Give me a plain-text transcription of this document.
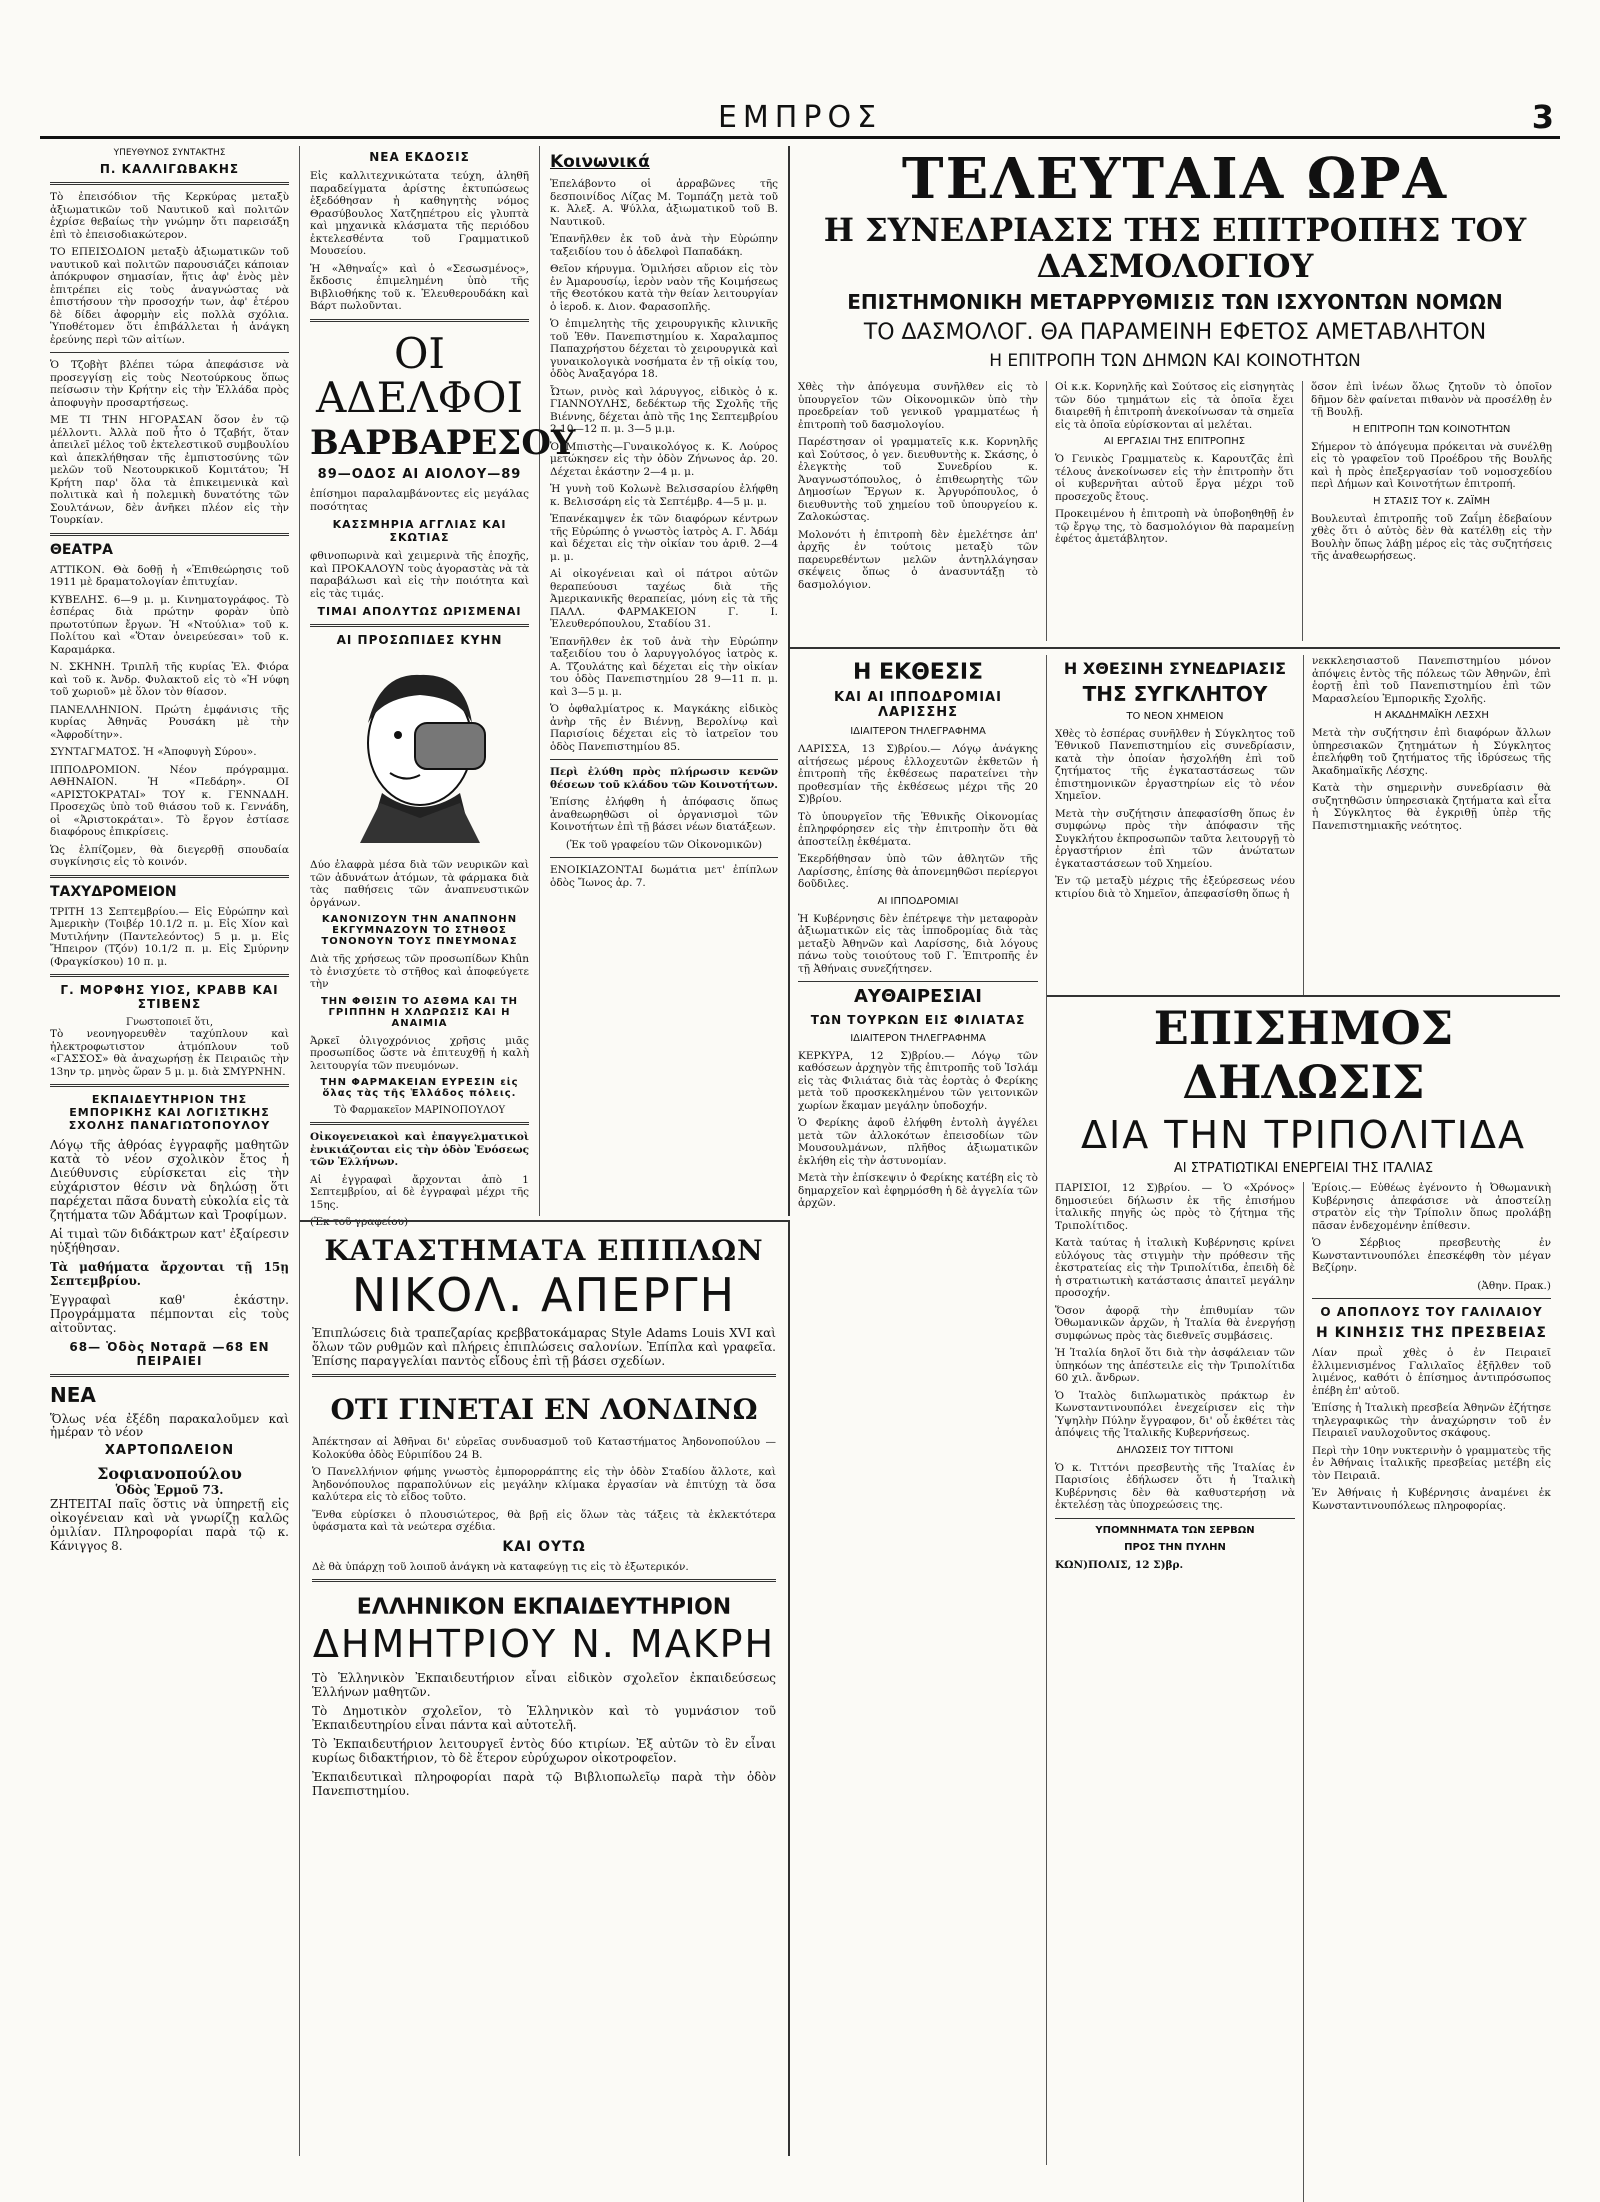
ΕΜΠΡΟΣ	3
ΥΠΕΥΘΥΝΟΣ ΣΥΝΤΑΚΤΗΣ
Π. ΚΑΛΛΙΓΩΒΑΚΗΣ

Τὸ ἐπεισόδιον τῆς Κερκύρας μεταξὺ ἀξιωματικῶν τοῦ Ναυτικοῦ καὶ πολιτῶν ἐχρίσε θεβαίως τὴν γνώμην ὅτι παρεισάξη ἐπὶ τὸ ἐπεισοδιακώτερον.

ΤΟ ΕΠΕΙΣΟΔΙΟΝ μεταξὺ ἀξιωματικῶν τοῦ ναυτικοῦ καὶ πολιτῶν παρουσιάζει κάποιαν ἀπόκρυφον σημασίαν, ἥτις ἀφ' ἑνὸς μὲν ἐπιτρέπει εἰς τοὺς ἀναγνώστας νὰ ἐπιστήσουν τὴν προσοχήν των, ἀφ' ἑτέρου δὲ δίδει ἀφορμὴν εἰς πολλὰ σχόλια. Ὑποθέτομεν ὅτι ἐπιβάλλεται ἡ ἀνάγκη ἐρεύνης περὶ τῶν αἰτίων.

Ὁ Τζοβὴτ βλέπει τώρα ἀπεφάσισε νὰ προσεγγίσῃ εἰς τοὺς Νεοτούρκους ὅπως πείσωσιν τὴν Κρήτην εἰς τὴν Ἑλλάδα πρὸς ἀποφυγὴν προσαρτήσεως.

ΜΕ ΤΙ ΤΗΝ ΗΓΟΡΑΣΑΝ ὅσον ἐν τῷ μέλλοντι. Ἀλλὰ ποῦ ἦτο ὁ Τζαβήτ, ὅταν ἀπειλεῖ μέλος τοῦ ἐκτελεστικοῦ συμβουλίου καὶ ἀπεκλήθησαν τῆς ἐμπιστοσύνης τῶν μελῶν τοῦ Νεοτουρκικοῦ Κομιτάτου; Ἡ Κρήτη παρ' ὅλα τὰ ἐπικειμενικὰ καὶ πολιτικὰ καὶ ἡ πολεμικὴ δυνατότης τῶν Σουλτάνων, δὲν ἀνῆκει πλέον εἰς τὴν Τουρκίαν.

ΘΕΑΤΡΑ

ΑΤΤΙΚΟΝ. Θὰ δοθῇ ἡ «Ἐπιθεώρησις τοῦ 1911 μὲ δραματολογίαν ἐπιτυχίαν.

ΚΥΒΕΛΗΣ. 6—9 μ. μ. Κινηματογράφος. Τὸ ἑσπέρας διὰ πρώτην φορὰν ὑπὸ πρωτοτύπων ἔργων. Ἡ «Ντούλια» τοῦ κ. Πολίτου καὶ «Ὅταν ὀνειρεύεσαι» τοῦ κ. Καραμάρκα.

Ν. ΣΚΗΝΗ. Τριπλῆ τῆς κυρίας Ἐλ. Φιόρα καὶ τοῦ κ. Ἀνδρ. Φυλακτοῦ εἰς τὸ «Ἡ νύφη τοῦ χωριοῦ» μὲ ὅλον τὸν θίασον.

ΠΑΝΕΛΛΗΝΙΟΝ. Πρώτη ἐμφάνισις τῆς κυρίας Ἀθηνᾶς Ρουσάκη μὲ τὴν «Ἀφροδίτην».

ΣΥΝΤΑΓΜΑΤΟΣ. Ἡ «Ἀποφυγὴ Σύρου».

ΙΠΠΟΔΡΟΜΙΟΝ. Νέον πρόγραμμα. ΑΘΗΝΑΙΟΝ. Ἡ «Πεδάρη». ΟΙ «ΑΡΙΣΤΟΚΡΑΤΑΙ» ΤΟΥ κ. ΓΕΝΝΑΔΗ. Προσεχῶς ὑπὸ τοῦ θιάσου τοῦ κ. Γεννάδη, οἱ «Ἀριστοκράται». Τὸ ἔργον ἐστίασε διαφόρους ἐπικρίσεις.

Ὡς ἐλπίζομεν, θὰ διεγερθῇ σπουδαία συγκίνησις εἰς τὸ κοινόν.

ΤΑΧΥΔΡΟΜΕΙΟΝ

ΤΡΙΤΗ 13 Σεπτεμβρίου.— Εἰς Εὐρώπην καὶ Ἀμερικὴν (Τοιβέρ 10.1/2 π. μ. Εἰς Χίον καὶ Μυτιλήνην (Παντελεόντος) 5 μ. μ. Εἰς Ἤπειρον (Τζόν) 10.1/2 π. μ. Εἰς Σμύρνην (Φραγκίσκου) 10 π. μ.

Γ. ΜΟΡΦΗΣ ΥΙΟΣ, ΚΡΑΒΒ ΚΑΙ ΣΤΙΒΕΝΣ
Γνωστοποιεῖ ὅτι,

Τὸ νεονηγορευθὲν ταχύπλουν καὶ ἠλεκτροφωτιστον ἀτμόπλουν τοῦ «ΓΑΣΣΟΣ» θὰ ἀναχωρήσῃ ἐκ Πειραιῶς τὴν 13ην τρ. μηνὸς ὥραν 5 μ. μ. διὰ ΣΜΥΡΝΗΝ.

ΕΚΠΑΙΔΕΥΤΗΡΙΟΝ ΤΗΣ ΕΜΠΟΡΙΚΗΣ ΚΑΙ ΛΟΓΙΣΤΙΚΗΣ ΣΧΟΛΗΣ ΠΑΝΑΓΙΩΤΟΠΟΥΛΟΥ

Λόγῳ τῆς ἀθρόας ἐγγραφῆς μαθητῶν κατὰ τὸ νέον σχολικὸν ἔτος ἡ Διεύθυνσις εὑρίσκεται εἰς τὴν εὐχάριστον θέσιν νὰ δηλώσῃ ὅτι παρέχεται πᾶσα δυνατὴ εὐκολία εἰς τὰ ζητήματα τῶν Ἀδάμτων καὶ Τροφίμων.

Αἱ τιμαὶ τῶν διδάκτρων κατ' ἐξαίρεσιν ηὐξήθησαν.

Τὰ μαθήματα ἄρχονται τῇ 15ῃ Σεπτεμβρίου.

Ἐγγραφαὶ καθ' ἑκάστην. Προγράμματα πέμπονται εἰς τοὺς αἰτοῦντας.

68— Ὁδὸς Νοταρᾶ —68 ΕΝ ΠΕΙΡΑΙΕΙ
ΝΕΑ

Ὅλως νέα ἐξέδη παρακαλοῦμεν καὶ ἠμέραν τὸ νέον

ΧΑΡΤΟΠΩΛΕΙΟΝ
Σοφιανοπούλου
Ὁδὸς Ἑρμοῦ 73.

ΖΗΤΕΙΤΑΙ παῖς ὅστις νὰ ὑπηρετῇ εἰς οἰκογένειαν καὶ νὰ γνωρίζῃ καλῶς ὁμιλίαν. Πληροφορίαι παρὰ τῷ κ. Κάνιγγος 8.

ΝΕΑ ΕΚΔΟΣΙΣ

Εἰς καλλιτεχνικώτατα τεύχη, ἀληθῆ παραδείγματα ἀρίστης ἐκτυπώσεως ἐξεδόθησαν ἡ καθηγητὴς νόμος Θρασύβουλος Χατζηπέτρου εἰς γλυπτὰ καὶ μηχανικὰ κλάσματα τῆς περιόδου ἐκτελεσθέντα τοῦ Γραμματικοῦ Μουσείου.

Ἡ «Ἀθηναΐς» καὶ ὁ «Σεσωσμένος», ἔκδοσις ἐπιμελημένη ὑπὸ τῆς Βιβλιοθήκης τοῦ κ. Ἐλευθερουδάκη καὶ Βάρτ πωλοῦνται.

ΟΙ ΑΔΕΛΦΟΙ
ΒΑΡΒΑΡΕΣΟΥ
89—ΟΔΟΣ ΑΙ ΑΙΟΛΟΥ—89

ἐπίσημοι παραλαμβάνοντες εἰς μεγάλας ποσότητας

ΚΑΣΣΜΗΡΙΑ ΑΓΓΛΙΑΣ ΚΑΙ ΣΚΩΤΙΑΣ

φθινοπωρινὰ καὶ χειμερινὰ τῆς ἐποχῆς, καὶ ΠΡΟΚΑΛΟΥΝ τοὺς ἀγοραστὰς νὰ τὰ παραβάλωσι καὶ εἰς τὴν ποιότητα καὶ εἰς τὰς τιμάς.

ΤΙΜΑΙ ΑΠΟΛΥΤΩΣ ΩΡΙΣΜΕΝΑΙ
ΑΙ ΠΡΟΣΩΠΙΔΕΣ ΚΥΗΝ

Δύο ἐλαφρὰ μέσα διὰ τῶν νευρικῶν καὶ τῶν ἀδυνάτων ἀτόμων, τὰ φάρμακα διὰ τὰς παθήσεις τῶν ἀναπνευστικῶν ὀργάνων.

ΚΑΝΟΝΙΖΟΥΝ ΤΗΝ ΑΝΑΠΝΟΗΝ ΕΚΓΥΜΝΑΖΟΥΝ ΤΟ ΣΤΗΘΟΣ ΤΟΝΟΝΟΥΝ ΤΟΥΣ ΠΝΕΥΜΟΝΑΣ

Διὰ τῆς χρήσεως τῶν προσωπίδων Khûn τὸ ἐνισχύετε τὸ στῆθος καὶ ἀποφεύγετε τὴν

ΤΗΝ ΦΘΙΣΙΝ ΤΟ ΑΣΘΜΑ ΚΑΙ ΤΗ ΓΡΙΠΠΗΝ Η ΧΛΩΡΩΣΙΣ ΚΑΙ Η ΑΝΑΙΜΙΑ

Ἀρκεῖ ὀλιγοχρόνιος χρῆσις μιᾶς προσωπίδος ὥστε νὰ ἐπιτευχθῇ ἡ καλὴ λειτουργία τῶν πνευμόνων.

ΤΗΝ ΦΑΡΜΑΚΕΙΑΝ ΕΥΡΕΣΙΝ εἰς ὅλας τὰς τῆς Ἑλλάδος πόλεις.
Τὸ Φαρμακεῖον ΜΑΡΙΝΟΠΟΥΛΟΥ

Οἰκογενειακοὶ καὶ ἐπαγγελματικοὶ ἐνικιάζονται εἰς τὴν ὁδὸν Ἐνόσεως τῶν Ἑλλήνων.

Αἱ ἐγγραφαὶ ἄρχονται ἀπὸ 1 Σεπτεμβρίου, αἱ δὲ ἐγγραφαὶ μέχρι τῆς 15ης.

(Ἐκ τοῦ γραφείου)

Κοινωνικά

Ἐπελάβοντο οἱ ἀρραβῶνες τῆς δεσποινίδος Λίζας Μ. Τομπάζη μετὰ τοῦ κ. Ἀλεξ. Α. Ψύλλα, ἀξιωματικοῦ τοῦ Β. Ναυτικοῦ.

Ἐπανῆλθεν ἐκ τοῦ ἀνὰ τὴν Εὐρώπην ταξειδίου του ὁ ἀδελφοὶ Παπαδάκη.

Θεῖον κήρυγμα. Ὁμιλήσει αὔριον εἰς τὸν ἐν Ἀμαρουσίῳ, ἱερὸν ναὸν τῆς Κοιμήσεως τῆς Θεοτόκου κατὰ τὴν θείαν λειτουργίαν ὁ ἱεροδ. κ. Διον. Φαρασοπλῆς.

Ὁ ἐπιμελητὴς τῆς χειρουργικῆς κλινικῆς τοῦ Ἐθν. Πανεπιστημίου κ. Χαραλαμπος Παπαχρήστου δέχεται τὸ χειρουργικὰ καὶ γυναικολογικὰ νοσήματα ἐν τῇ οἰκίᾳ του, ὁδὸς Ἀναξαγόρα 18.

Ὦτων, ρινὸς καὶ λάρυγγος, εἰδικὸς ὁ κ. ΓΙΑΝΝΟΥΛΗΣ, δεδέκτωρ τῆς Σχολῆς τῆς Βιέννης, δέχεται ἀπὸ τῆς 1ης Σεπτεμβρίου 2 10—12 π. μ. 3—5 μ.μ.

Ὁ Μπιστὴς—Γυναικολόγος κ. Κ. Λούρος μετώκησεν εἰς τὴν ὁδὸν Ζήνωνος ἀρ. 20. Δέχεται ἑκάστην 2—4 μ. μ.

Ἡ γυνὴ τοῦ Κολωνὲ Βελισσαρίου ἐλήφθη κ. Βελισσάρη εἰς τὰ Σεπτέμβρ. 4—5 μ. μ.

Ἐπανέκαμψεν ἐκ τῶν διαφόρων κέντρων τῆς Εὐρώπης ὁ γνωστὸς ἰατρὸς Α. Γ. Ἀδάμ καὶ δέχεται εἰς τὴν οἰκίαν του ἀριθ. 2—4 μ. μ.

Αἱ οἰκογένειαι καὶ οἱ πάτροι αὐτῶν θεραπεύουσι ταχέως διὰ τῆς Ἀμερικανικῆς θεραπείας, μόνη εἰς τὰ τῆς ΠΑΛΛ. ΦΑΡΜΑΚΕΙΟΝ Γ. Ι. Ἐλευθερόπουλου, Σταδίου 31.

Ἐπανῆλθεν ἐκ τοῦ ἀνὰ τὴν Εὐρώπην ταξειδίου του ὁ λαρυγγολόγος ἰατρὸς κ. Α. Τζουλάτης καὶ δέχεται εἰς τὴν οἰκίαν του ὁδὸς Πανεπιστημίου 28 9—11 π. μ. καὶ 3—5 μ. μ.

Ὁ ὀφθαλμίατρος κ. Μαγκάκης εἰδικὸς ἀνὴρ τῆς ἐν Βιέννῃ, Βερολίνῳ καὶ Παρισίοις δέχεται εἰς τὸ ἰατρεῖον του ὁδὸς Πανεπιστημίου 85.

Περὶ ἐλύθη πρὸς πλήρωσιν κενῶν θέσεων τοῦ κλάδου τῶν Κοινοτήτων.

Ἐπίσης ἐλήφθη ἡ ἀπόφασις ὅπως ἀναθεωρηθῶσι οἱ ὀργανισμοὶ τῶν Κοινοτήτων ἐπὶ τῇ βάσει νέων διατάξεων.

(Ἐκ τοῦ γραφείου τῶν Οἰκονομικῶν)

ΕΝΟΙΚΙΑΖΟΝΤΑΙ δωμάτια μετ' ἐπίπλων ὁδὸς Ἴωνος ἀρ. 7.

ΚΑΤΑΣΤΗΜΑΤΑ ΕΠΙΠΛΩΝ
ΝΙΚΟΛ. ΑΠΕΡΓΗ

Ἐπιπλώσεις διὰ τραπεζαρίας κρεββατοκάμαρας Style Adams Louis XVI καὶ ὅλων τῶν ρυθμῶν καὶ πλήρεις ἐπιπλώσεις σαλονίων. Ἐπίπλα καὶ γραφεῖα. Ἐπίσης παραγγελίαι παντὸς εἴδους ἐπὶ τῇ βάσει σχεδίων.

ΟΤΙ ΓΙΝΕΤΑΙ ΕΝ ΛΟΝΔΙΝΩ

Ἀπέκτησαν αἱ Ἀθῆναι δι' εὐρεῖας συνδυασμοῦ τοῦ Καταστήματος Ἀηδονοπούλου — Κολοκύθα ὁδὸς Εὐριπίδου 24 Β.

Ὁ Πανελλήνιον φήμης γνωστὸς ἐμπορορράπτης εἰς τὴν ὁδὸν Σταδίου ἄλλοτε, καὶ Ἀηδονόπουλος παραπολύνων εἰς μεγάλην κλίμακα ἐργασίαν νὰ ἐπιτύχῃ τὰ ὅσα καλύτερα εἰς τὸ εἶδος τοῦτο.

Ἔνθα εὑρίσκει ὁ πλουσιώτερος, θὰ βρῇ εἰς ὅλων τὰς τάξεις τὰ ἐκλεκτότερα ὑφάσματα καὶ τὰ νεώτερα σχέδια.

ΚΑΙ ΟΥΤΩ

Δὲ θὰ ὑπάρχῃ τοῦ λοιποῦ ἀνάγκη νὰ καταφεύγῃ τις εἰς τὸ ἐξωτερικόν.

ΕΛΛΗΝΙΚΟΝ ΕΚΠΑΙΔΕΥΤΗΡΙΟΝ
ΔΗΜΗΤΡΙΟΥ Ν. ΜΑΚΡΗ

Τὸ Ἑλληνικὸν Ἐκπαιδευτήριον εἶναι εἰδικὸν σχολεῖον ἐκπαιδεύσεως Ἑλλήνων μαθητῶν.

Τὸ Δημοτικὸν σχολεῖον, τὸ Ἑλληνικὸν καὶ τὸ γυμνάσιον τοῦ Ἐκπαιδευτηρίου εἶναι πάντα καὶ αὐτοτελῆ.

Τὸ Ἐκπαιδευτήριον λειτουργεῖ ἐντὸς δύο κτιρίων. Ἐξ αὐτῶν τὸ ἓν εἶναι κυρίως διδακτήριον, τὸ δὲ ἕτερον εὐρύχωρον οἰκοτροφεῖον.

Ἐκπαιδευτικαὶ πληροφορίαι παρὰ τῷ Βιβλιοπωλεῖῳ παρὰ τὴν ὁδὸν Πανεπιστημίου.

ΤΕΛΕΥΤΑΙΑ ΩΡΑ
Η ΣΥΝΕΔΡΙΑΣΙΣ ΤΗΣ ΕΠΙΤΡΟΠΗΣ ΤΟΥ ΔΑΣΜΟΛΟΓΙΟΥ
ΕΠΙΣΤΗΜΟΝΙΚΗ ΜΕΤΑΡΡΥΘΜΙΣΙΣ ΤΩΝ ΙΣΧΥΟΝΤΩΝ ΝΟΜΩΝ
ΤΟ ΔΑΣΜΟΛΟΓ. ΘΑ ΠΑΡΑΜΕΙΝΗ ΕΦΕΤΟΣ ΑΜΕΤΑΒΛΗΤΟΝ
Η ΕΠΙΤΡΟΠΗ ΤΩΝ ΔΗΜΩΝ ΚΑΙ ΚΟΙΝΟΤΗΤΩΝ

Χθὲς τὴν ἀπόγευμα συνῆλθεν εἰς τὸ ὑπουργεῖον τῶν Οἰκονομικῶν ὑπὸ τὴν προεδρείαν τοῦ γενικοῦ γραμματέως ἡ ἐπιτροπὴ τοῦ δασμολογίου.

Παρέστησαν οἱ γραμματεῖς κ.κ. Κορνηλῆς καὶ Σούτσος, ὁ γεν. διευθυντὴς κ. Σκάσης, ὁ ἐλεγκτὴς τοῦ Συνεδρίου κ. Ἀναγνωστόπουλος, ὁ ἐπιθεωρητὴς τῶν Δημοσίων Ἔργων κ. Ἀργυρόπουλος, ὁ διευθυντὴς τοῦ χημείου τοῦ ὑπουργείου κ. Ζαλοκώστας.

Μολονότι ἡ ἐπιτροπὴ δὲν ἐμελέτησε ἀπ' ἀρχῆς ἐν τούτοις μεταξὺ τῶν παρευρεθέντων μελῶν ἀντηλλάγησαν σκέψεις ὅπως ὁ ἀνασυντάξῃ τὸ δασμολόγιον.

Οἱ κ.κ. Κορνηλῆς καὶ Σούτσος εἰς εἰσηγητὰς τῶν δύο τμημάτων εἰς τὰ ὁποῖα ἔχει διαιρεθῆ ἡ ἐπιτροπὴ ἀνεκοίνωσαν τὰ σημεῖα εἰς τὰ ὁποῖα εὑρίσκονται αἱ μελέται.

ΑΙ ΕΡΓΑΣΙΑΙ ΤΗΣ ΕΠΙΤΡΟΠΗΣ

Ὁ Γενικὸς Γραμματεὺς κ. Καρουτζᾶς ἐπὶ τέλους ἀνεκοίνωσεν εἰς τὴν ἐπιτροπὴν ὅτι οἱ κυβερνῆται αὐτοῦ ἔργα μέχρι τοῦ προσεχοῦς ἔτους.

Προκειμένου ἡ ἐπιτροπὴ νὰ ὑποβοηθηθῇ ἐν τῷ ἔργῳ της, τὸ δασμολόγιον θὰ παραμείνῃ ἐφέτος ἀμετάβλητον.

ὅσον ἐπὶ ἰνέων ὅλως ζητοῦν τὸ ὁποῖον δῆμον δὲν φαίνεται πιθανὸν νὰ προσέλθῃ ἐν τῇ Βουλῇ.

Η ΕΠΙΤΡΟΠΗ ΤΩΝ ΚΟΙΝΟΤΗΤΩΝ

Σήμερον τὸ ἀπόγευμα πρόκειται νὰ συνέλθῃ εἰς τὸ γραφεῖον τοῦ Προέδρου τῆς Βουλῆς καὶ ἡ πρὸς ἐπεξεργασίαν τοῦ νομοσχεδίου περὶ Δήμων καὶ Κοινοτήτων ἐπιτροπή.

Η ΣΤΑΣΙΣ ΤΟΥ κ. ΖΑΪΜΗ

Βουλευταὶ ἐπιτροπῆς τοῦ Ζαΐμη ἐδεβαίουν χθὲς ὅτι ὁ αὐτὸς δὲν θὰ κατέλθῃ εἰς τὴν Βουλὴν ὅπως λάβῃ μέρος εἰς τὰς συζητήσεις τῆς ἀναθεωρήσεως.

Η ΕΚΘΕΣΙΣ
ΚΑΙ ΑΙ ΙΠΠΟΔΡΟΜΙΑΙ ΛΑΡΙΣΣΗΣ
ΙΔΙΑΙΤΕΡΟΝ ΤΗΛΕΓΡΑΦΗΜΑ

ΛΑΡΙΣΣΑ, 13 Σ)βρίου.— Λόγῳ ἀνάγκης αἰτήσεως μέρους ἐλλοχευτῶν ἐκθετῶν ἡ ἐπιτροπὴ τῆς ἐκθέσεως παρατείνει τὴν προθεσμίαν τῆς ἐκθέσεως μέχρι τῆς 20 Σ)βρίου.

Τὸ ὑπουργεῖον τῆς Ἐθνικῆς Οἰκονομίας ἐπληρφόρησεν εἰς τὴν ἐπιτροπὴν ὅτι θὰ ἀποστείλῃ ἐκθέματα.

Ἐκερδήθησαν ὑπὸ τῶν ἀθλητῶν τῆς Λαρίσσης, ἐπίσης θὰ ἀπονεμηθῶσι περίεργοι δοῦδιλες.

ΑΙ ΙΠΠΟΔΡΟΜΙΑΙ

Ἡ Κυβέρνησις δὲν ἐπέτρεψε τὴν μεταφορὰν ἀξιωματικῶν εἰς τὰς ἱπποδρομίας διὰ τὰς μεταξὺ Ἀθηνῶν καὶ Λαρίσσης, διὰ λόγους πάνω τοὺς τοιούτους τοῦ Γ. Ἐπιτροπῆς ἐν τῇ Ἀθήναις συνεζήτησεν.

ΑΥΘΑΙΡΕΣΙΑΙ
ΤΩΝ ΤΟΥΡΚΩΝ ΕΙΣ ΦΙΛΙΑΤΑΣ
ΙΔΙΑΙΤΕΡΟΝ ΤΗΛΕΓΡΑΦΗΜΑ

ΚΕΡΚΥΡΑ, 12 Σ)βρίου.— Λόγῳ τῶν καθόσεων ἀρχηγὸν τῆς ἐπιτροπῆς τοῦ Ἰσλάμ εἰς τὰς Φιλιάτας διὰ τὰς ἑορτὰς ὁ Φερίκης μετὰ τοῦ προσκεκλημένου τῶν γειτονικῶν χωρίων ἔκαμαν μεγάλην ὑποδοχήν.

Ὁ Φερίκης ἀφοῦ ἐλήφθη ἐντολὴ ἀγγέλει μετὰ τῶν ἀλλοκότων ἐπεισοδίων τῶν Μουσουλμάνων, πλῆθος ἀξιωματικῶν ἐκλήθη εἰς τὴν ἀστυνομίαν.

Μετὰ τὴν ἐπίσκεψιν ὁ Φερίκης κατέβη εἰς τὸ δημαρχεῖον καὶ ἐφηρμόσθη ἡ δὲ ἀγγελία τῶν ἀρχῶν.

Η ΧΘΕΣΙΝΗ ΣΥΝΕΔΡΙΑΣΙΣ
ΤΗΣ ΣΥΓΚΛΗΤΟΥ
ΤΟ ΝΕΟΝ ΧΗΜΕΙΟΝ

Χθὲς τὸ ἑσπέρας συνῆλθεν ἡ Σύγκλητος τοῦ Ἐθνικοῦ Πανεπιστημίου εἰς συνεδρίασιν, κατὰ τὴν ὁποίαν ἠσχολήθη ἐπὶ τοῦ ζητήματος τῆς ἐγκαταστάσεως τῶν ἐπιστημονικῶν ἐργαστηρίων εἰς τὸ νέον Χημεῖον.

Μετὰ τὴν συζήτησιν ἀπεφασίσθη ὅπως ἐν συμφώνῳ πρὸς τὴν ἀπόφασιν τῆς Συγκλήτου ἐκπροσωπῶν ταῦτα λειτουργῇ τὸ ἐργαστήριον ἐπὶ τῶν ἀνώτατων ἐγκαταστάσεων τοῦ Χημείου.

Ἐν τῷ μεταξὺ μέχρις τῆς ἐξεύρεσεως νέου κτιρίου διὰ τὸ Χημεῖον, ἀπεφασίσθη ὅπως ἡ

νεκκλεησιαστοῦ Πανεπιστημίου μόνον ἀπόψεις ἐντὸς τῆς πόλεως τῶν Ἀθηνῶν, ἐπὶ ἑορτῇ ἐπὶ τοῦ Πανεπιστημίου ἐπὶ τῶν Μαρασλείου Ἐμπορικῆς Σχολῆς.

Η ΑΚΑΔΗΜΑΪΚΗ ΛΕΣΧΗ

Μετὰ τὴν συζήτησιν ἐπὶ διαφόρων ἄλλων ὑπηρεσιακῶν ζητημάτων ἡ Σύγκλητος ἐπελήφθη τοῦ ζητήματος τῆς ἱδρύσεως τῆς Ἀκαδημαϊκῆς Λέσχης.

Κατὰ τὴν σημερινὴν συνεδρίασιν θὰ συζητηθῶσιν ὑπηρεσιακὰ ζητήματα καὶ εἶτα ἡ Σύγκλητος θὰ ἐγκριθῇ ὑπὲρ τῆς Πανεπιστημιακῆς νεότητος.

ΕΠΙΣΗΜΟΣ ΔΗΛΩΣΙΣ
ΔΙΑ ΤΗΝ ΤΡΙΠΟΛΙΤΙΔΑ
ΑΙ ΣΤΡΑΤΙΩΤΙΚΑΙ ΕΝΕΡΓΕΙΑΙ ΤΗΣ ΙΤΑΛΙΑΣ

ΠΑΡΙΣΙΟΙ, 12 Σ)βρίου. — Ὁ «Χρόνος» δημοσιεύει δήλωσιν ἐκ τῆς ἐπισήμου ἰταλικῆς πηγῆς ὡς πρὸς τὸ ζήτημα τῆς Τριπολίτιδος.

Κατὰ ταύτας ἡ ἰταλικὴ Κυβέρνησις κρίνει εὐλόγους τὰς στιγμὴν τὴν πρόθεσιν τῆς ἐκστρατείας εἰς τὴν Τριπολίτιδα, ἐπειδὴ δὲ ἡ στρατιωτικὴ κατάστασις ἀπαιτεῖ μεγάλην προσοχήν.

Ὅσον ἀφορᾷ τὴν ἐπιθυμίαν τῶν Ὀθωμανικῶν ἀρχῶν, ἡ Ἰταλία θὰ ἐνεργήσῃ συμφώνως πρὸς τὰς διεθνεῖς συμβάσεις.

Ἡ Ἰταλία δηλοῖ ὅτι διὰ τὴν ἀσφάλειαν τῶν ὑπηκόων της ἀπέστειλε εἰς τὴν Τριπολίτιδα 60 χιλ. ἄνδρων.

Ὁ Ἰταλὸς διπλωματικὸς πράκτωρ ἐν Κωνσταντινουπόλει ἐνεχείρισεν εἰς τὴν Ὑψηλὴν Πύλην ἔγγραφον, δι' οὗ ἐκθέτει τὰς ἀπόψεις τῆς Ἰταλικῆς Κυβερνήσεως.

ΔΗΛΩΣΕΙΣ ΤΟΥ ΤΙΤΤΟΝΙ

Ὁ κ. Τιττόνι πρεσβευτὴς τῆς Ἰταλίας ἐν Παρισίοις ἐδήλωσεν ὅτι ἡ Ἰταλικὴ Κυβέρνησις δὲν θὰ καθυστερήσῃ νὰ ἐκτελέσῃ τὰς ὑποχρεώσεις της.

ΥΠΟΜΝΗΜΑΤΑ ΤΩΝ ΣΕΡΒΩΝ
ΠΡΟΣ ΤΗΝ ΠΥΛΗΝ

ΚΩΝ)ΠΟΛΙΣ, 12 Σ)βρ.

Ἐρίοις.— Εὐθέως ἐγένοντο ἡ Ὀθωμανικὴ Κυβέρνησις ἀπεφάσισε νὰ ἀποστείλῃ στρατὸν εἰς τὴν Τρίπολιν ὅπως προλάβῃ πᾶσαν ἐνδεχομένην ἐπίθεσιν.

Ὁ Σέρβιος πρεσβευτὴς ἐν Κωνσταντινουπόλει ἐπεσκέφθη τὸν μέγαν Βεζίρην.

(Ἀθην. Πρακ.)

Ο ΑΠΟΠΛΟΥΣ ΤΟΥ ΓΑΛΙΛΑΙΟΥ
Η ΚΙΝΗΣΙΣ ΤΗΣ ΠΡΕΣΒΕΙΑΣ

Λίαν πρωῒ χθὲς ὁ ἐν Πειραιεῖ ἐλλιμενισμένος Γαλιλαῖος ἐξῆλθεν τοῦ λιμένος, καθότι ὁ ἐπίσημος ἀντιπρόσωπος ἐπέβη ἐπ' αὐτοῦ.

Ἐπίσης ἡ Ἰταλικὴ πρεσβεία Ἀθηνῶν ἐζήτησε τηλεγραφικῶς τὴν ἀναχώρησιν τοῦ ἐν Πειραιεῖ ναυλοχοῦντος σκάφους.

Περὶ τὴν 10ην νυκτερινὴν ὁ γραμματεὺς τῆς ἐν Ἀθήναις ἰταλικῆς πρεσβείας μετέβη εἰς τὸν Πειραιᾶ.

Ἐν Ἀθήναις ἡ Κυβέρνησις ἀναμένει ἐκ Κωνσταντινουπόλεως πληροφορίας.
